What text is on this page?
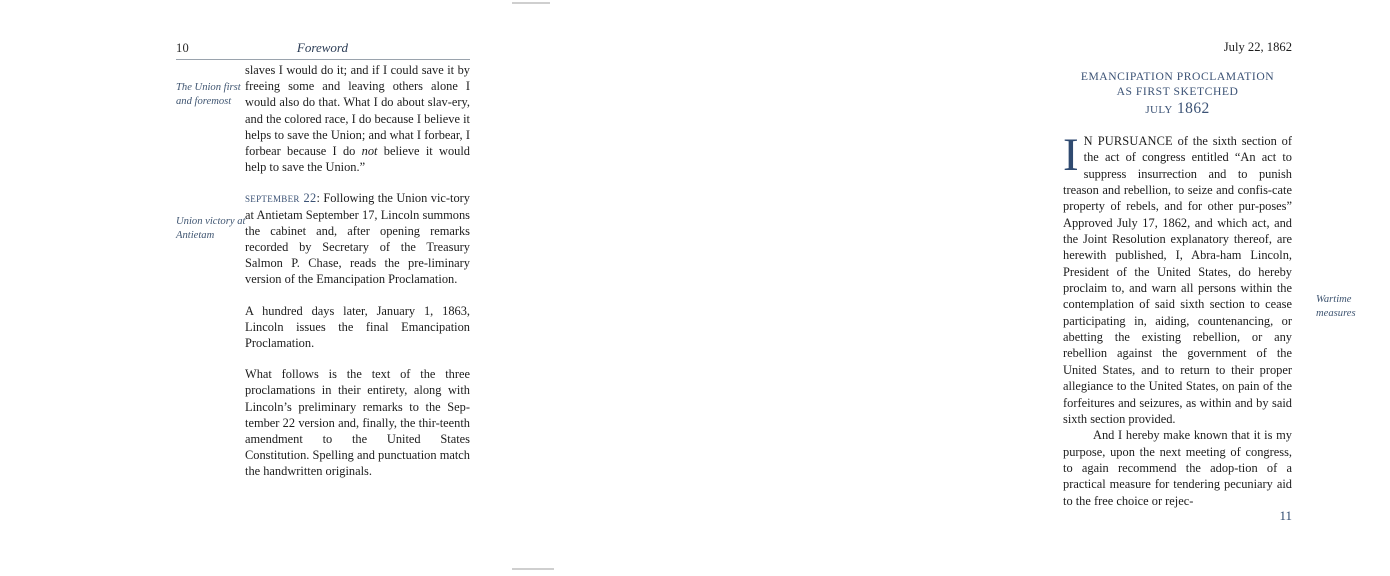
10	Foreword
The Union first and foremost
Union victory at Antietam

slaves I would do it; and if I could save it by freeing some and leaving others alone I would also do that. What I do about slav-ery, and the colored race, I do because I believe it helps to save the Union; and what I forbear, I forbear because I do not believe it would help to save the Union.”

september 22: Following the Union vic-tory at Antietam September 17, Lincoln summons the cabinet and, after opening remarks recorded by Secretary of the Treasury Salmon P. Chase, reads the pre-liminary version of the Emancipation Proclamation.

A hundred days later, January 1, 1863, Lincoln issues the final Emancipation Proclamation.

What follows is the text of the three proclamations in their entirety, along with Lincoln’s preliminary remarks to the Sep-tember 22 version and, finally, the thir-teenth amendment to the United States Constitution. Spelling and punctuation match the handwritten originals.

July 22, 1862
EMANCIPATION PROCLAMATION
AS FIRST SKETCHED
july 1862

I N PURSUANCE of the sixth section of the act of congress entitled “An act to suppress insurrection and to punish treason and rebellion, to seize and confis-cate property of rebels, and for other pur-poses” Approved July 17, 1862, and which act, and the Joint Resolution explanatory thereof, are herewith published, I, Abra-ham Lincoln, President of the United States, do hereby proclaim to, and warn all persons within the contemplation of said sixth section to cease participating in, aiding, countenancing, or abetting the existing rebellion, or any rebellion against the government of the United States, and to return to their proper allegiance to the United States, on pain of the forfeitures and seizures, as within and by said sixth section provided.

And I hereby make known that it is my purpose, upon the next meeting of congress, to again recommend the adop-tion of a practical measure for tendering pecuniary aid to the free choice or rejec-

Wartime measures
11
